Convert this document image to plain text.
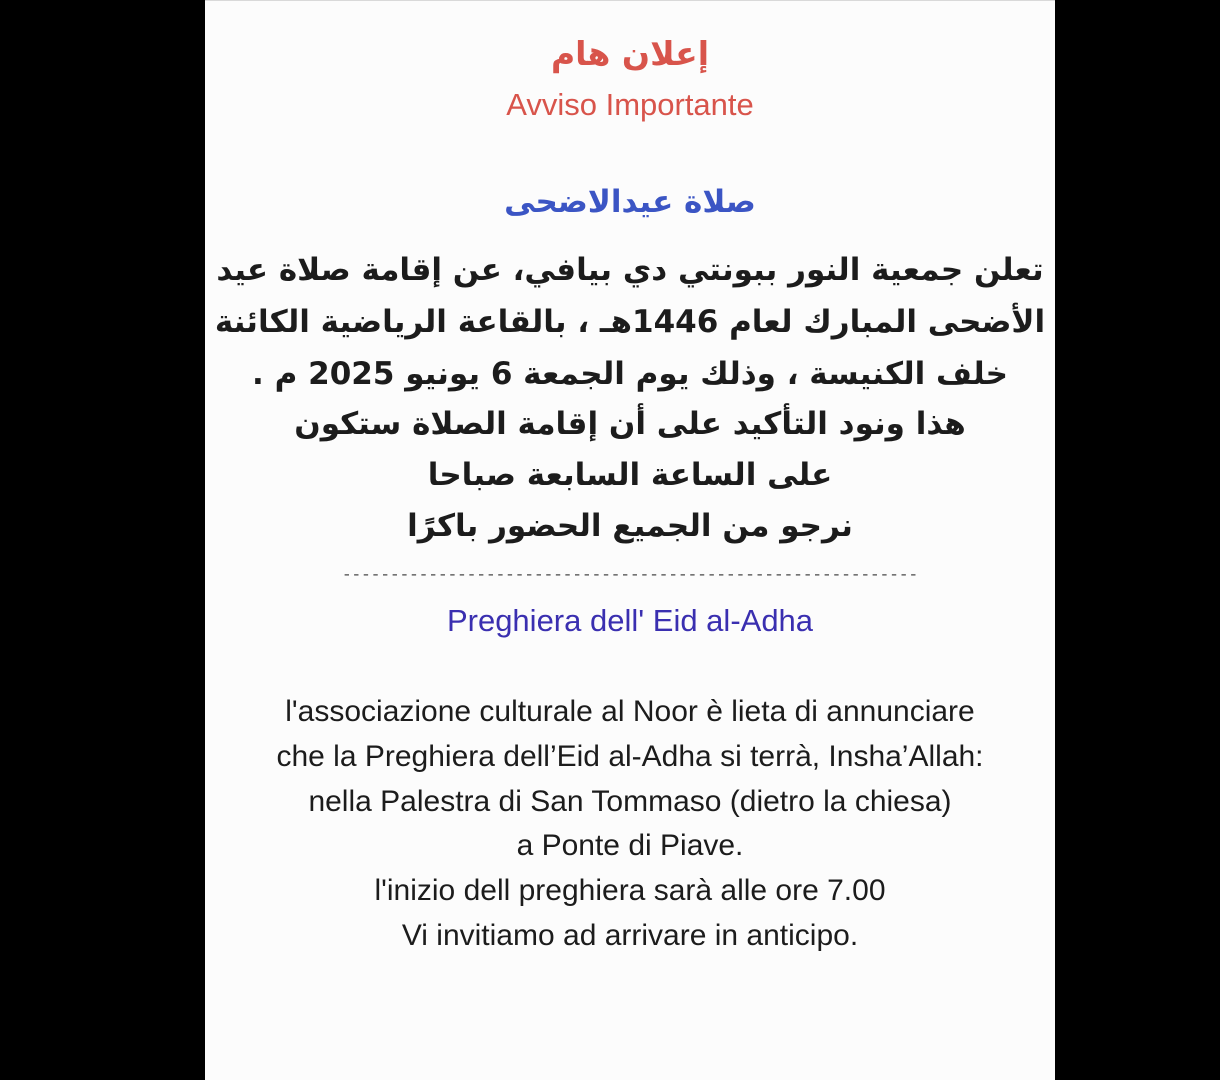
إعلان هام
Avviso Importante
صلاة عيدالاضحى
تعلن جمعية النور ببونتي دي بيافي، عن إقامة صلاة عيد
الأضحى المبارك لعام 1446هـ ، بالقاعة الرياضية الكائنة
خلف الكنيسة ، وذلك يوم الجمعة 6 يونيو 2025 م .
هذا ونود التأكيد على أن إقامة الصلاة ستكون
على الساعة السابعة صباحا
نرجو من الجميع الحضور باكرًا
------------------------------------------------------------
Preghiera dell' Eid al-Adha
l'associazione culturale al Noor è lieta di annunciare
che la Preghiera dell’Eid al-Adha si terrà, Insha’Allah:
nella Palestra di San Tommaso (dietro la chiesa)
a Ponte di Piave.
l'inizio dell preghiera sarà alle ore 7.00
Vi invitiamo ad arrivare in anticipo.
